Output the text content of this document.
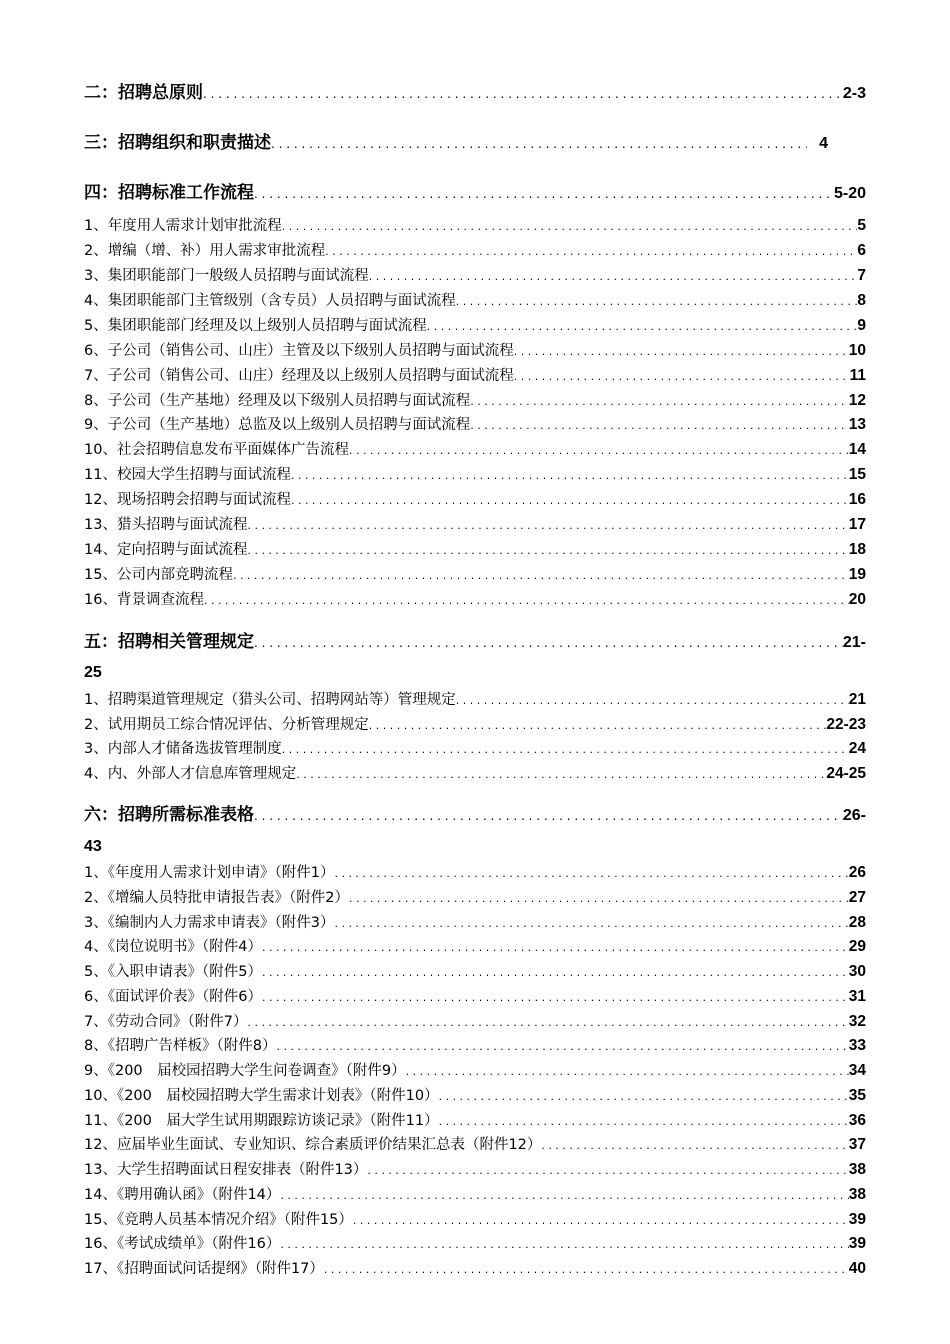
二：招聘总原则 . . .	2-3
三：招聘组织和职责描述 . . .	4
四：招聘标准工作流程 . . .	5-20
1、年度用人需求计划审批流程 . . .	5
2、增编（增、补）用人需求审批流程 . . .	6
3、集团职能部门一般级人员招聘与面试流程 . . .	7
4、集团职能部门主管级别（含专员）人员招聘与面试流程 . . .	8
5、集团职能部门经理及以上级别人员招聘与面试流程 . . .	9
6、子公司（销售公司、山庄）主管及以下级别人员招聘与面试流程 . . .	10
7、子公司（销售公司、山庄）经理及以上级别人员招聘与面试流程 . . .	11
8、子公司（生产基地）经理及以下级别人员招聘与面试流程 . . .	12
9、子公司（生产基地）总监及以上级别人员招聘与面试流程 . . .	13
10、社会招聘信息发布平面媒体广告流程 . . .	14
11、校园大学生招聘与面试流程 . . .	15
12、现场招聘会招聘与面试流程 . . .	16
13、猎头招聘与面试流程 . . .	17
14、定向招聘与面试流程 . . .	18
15、公司内部竞聘流程 . . .	19
16、背景调查流程 . . .	20
五：招聘相关管理规定 . . .	21-
25
1、招聘渠道管理规定（猎头公司、招聘网站等）管理规定 . . .	21
2、试用期员工综合情况评估、分析管理规定 . . .	22-23
3、内部人才储备选拔管理制度 . . .	24
4、内、外部人才信息库管理规定 . . .	24-25
六：招聘所需标准表格 . . .	26-
43
1、《年度用人需求计划申请》（附件1） . . .	26
2、《增编人员特批申请报告表》（附件2） . . .	27
3、《编制内人力需求申请表》（附件3） . . .	28
4、《岗位说明书》（附件4） . . .	29
5、《入职申请表》（附件5） . . .	30
6、《面试评价表》（附件6） . . .	31
7、《劳动合同》（附件7） . . .	32
8、《招聘广告样板》（附件8） . . .	33
9、《200　届校园招聘大学生问卷调查》（附件9） . . .	34
10、《200　届校园招聘大学生需求计划表》（附件10） . . .	35
11、《200　届大学生试用期跟踪访谈记录》（附件11） . . .	36
12、应届毕业生面试、专业知识、综合素质评价结果汇总表（附件12） . . .	37
13、大学生招聘面试日程安排表（附件13） . . .	38
14、《聘用确认函》（附件14） . . .	38
15、《竞聘人员基本情况介绍》（附件15） . . .	39
16、《考试成绩单》（附件16） . . .	39
17、《招聘面试问话提纲》（附件17） . . .	40
